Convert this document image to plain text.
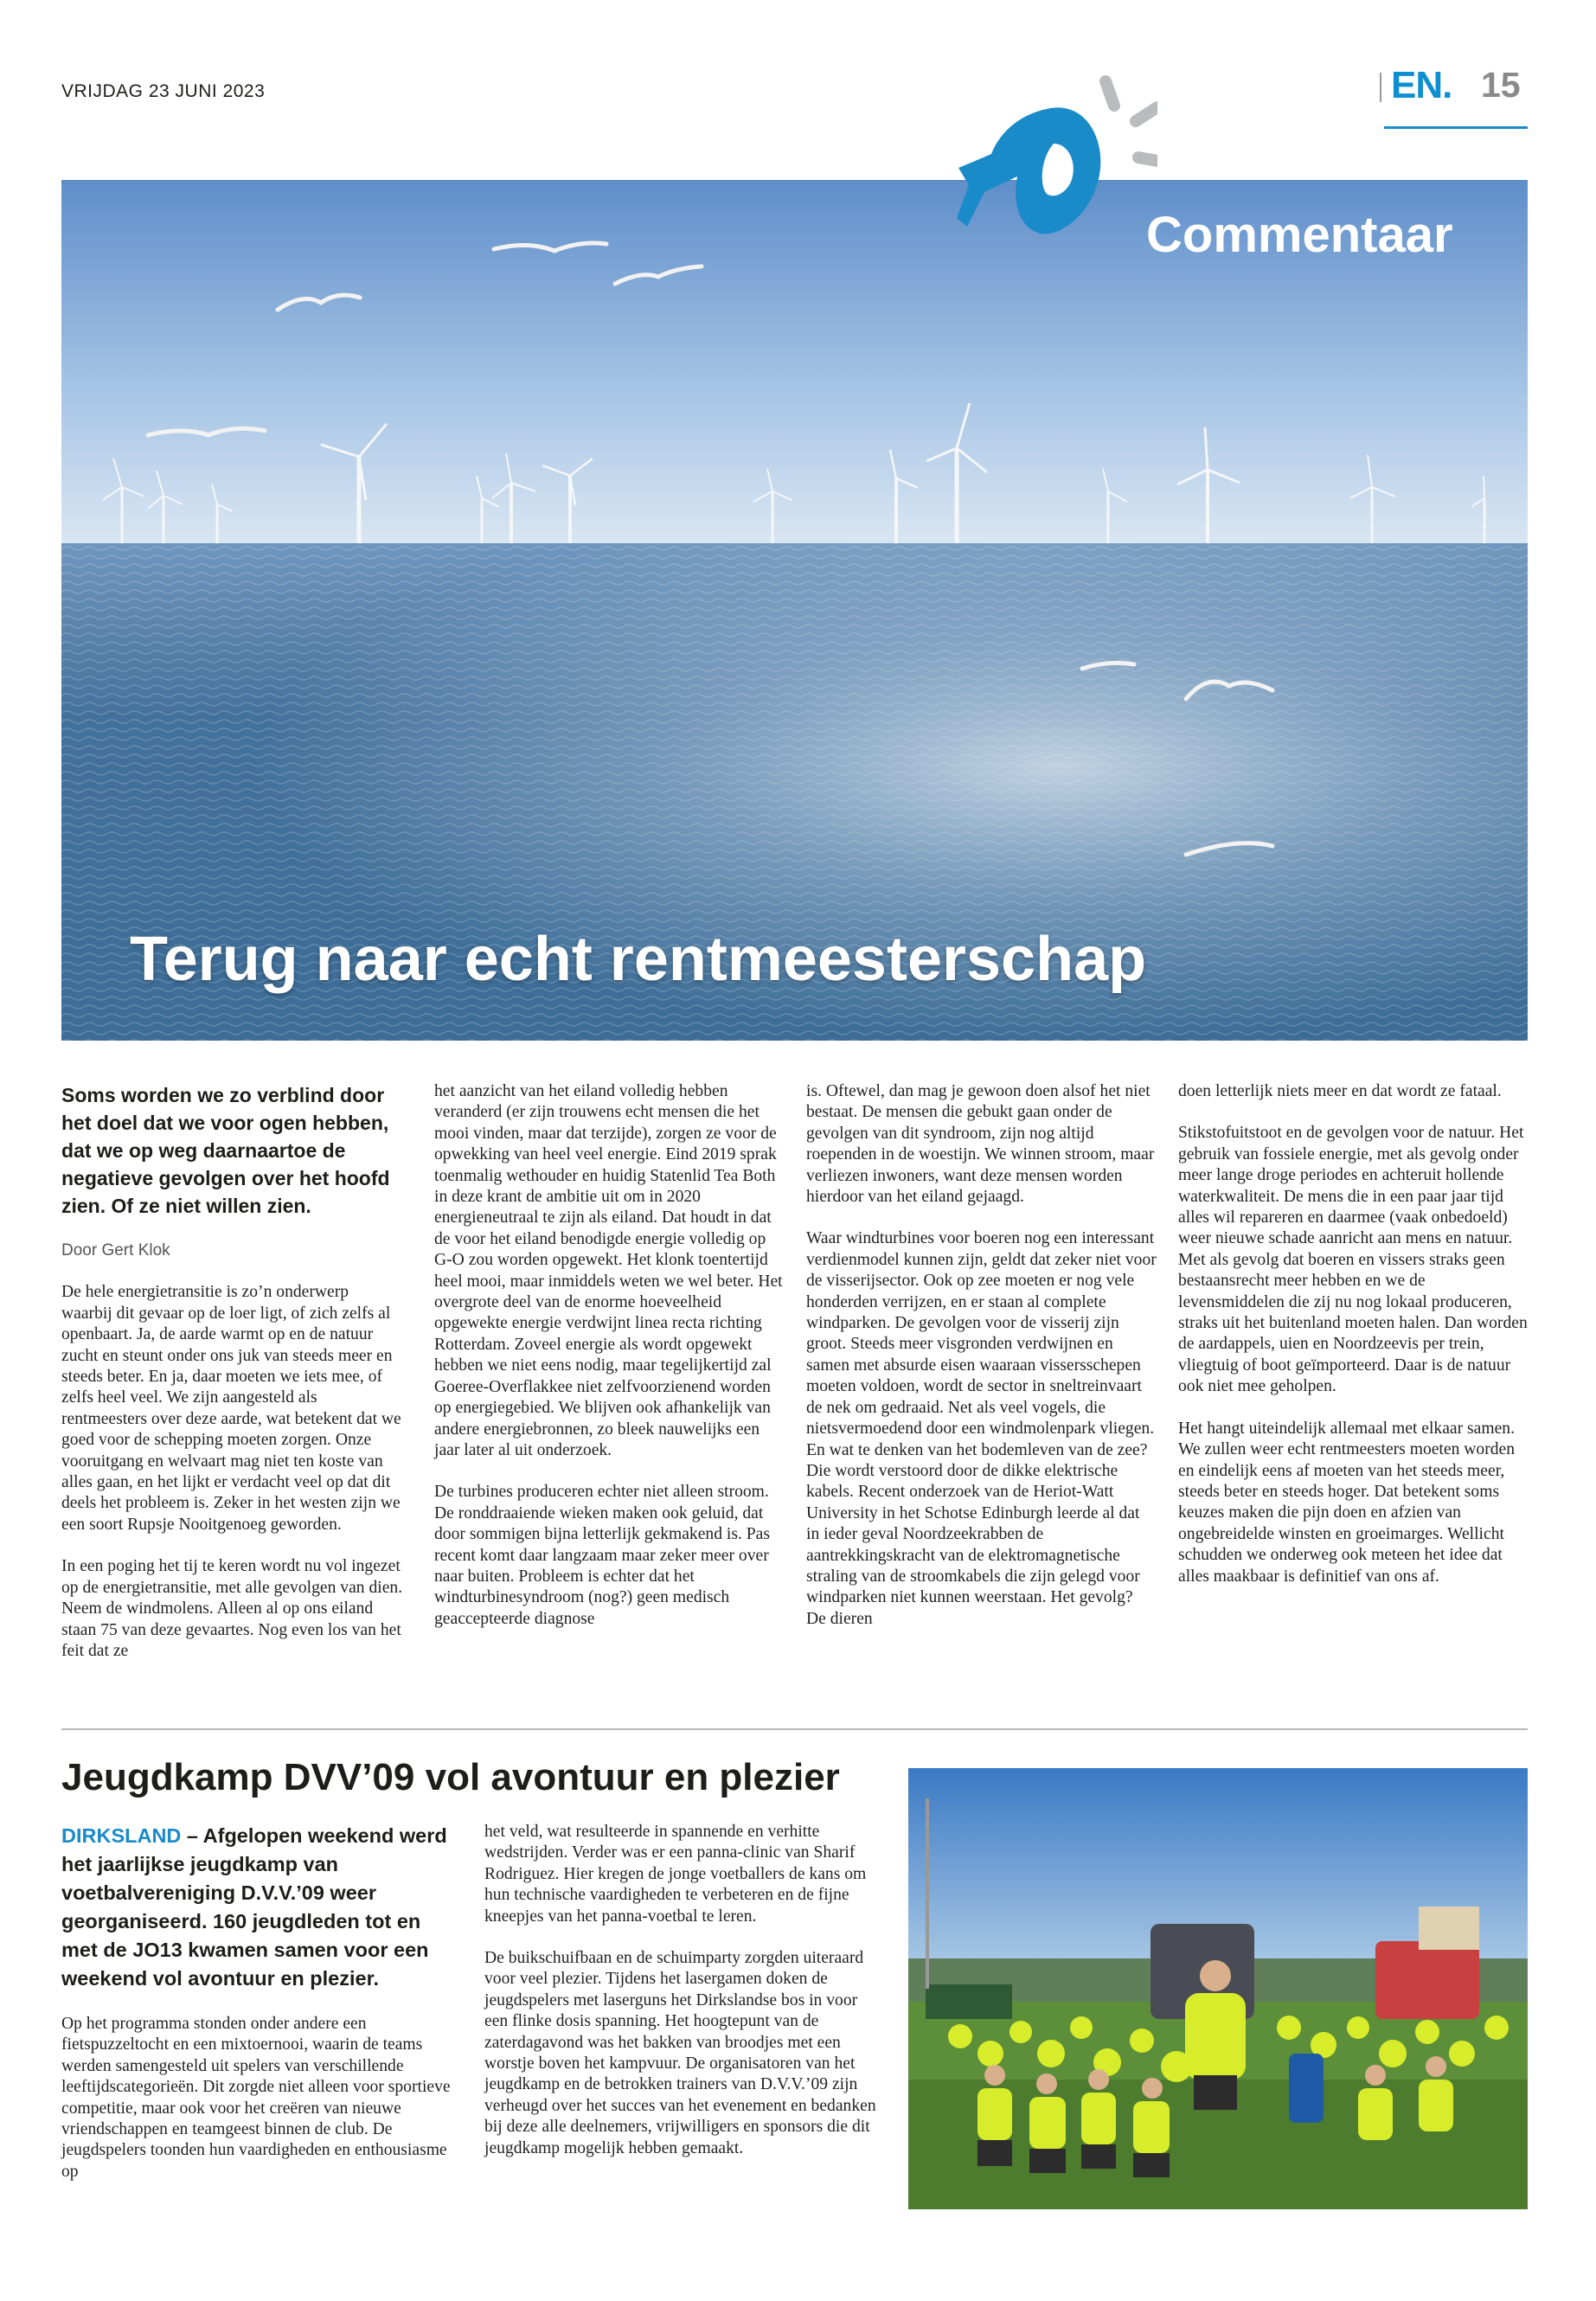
VRIJDAG 23 JUNI 2023	EN. 15
Commentaar
Terug naar echt rentmeesterschap

Soms worden we zo verblind door het doel dat we voor ogen hebben, dat we op weg daarnaartoe de negatieve gevolgen over het hoofd zien. Of ze niet willen zien.

Door Gert Klok

De hele energietransitie is zo’n onderwerp waarbij dit gevaar op de loer ligt, of zich zelfs al openbaart. Ja, de aarde warmt op en de natuur zucht en steunt onder ons juk van steeds meer en steeds beter. En ja, daar moeten we iets mee, of zelfs heel veel. We zijn aangesteld als rentmeesters over deze aarde, wat betekent dat we goed voor de schepping moeten zorgen. Onze vooruitgang en welvaart mag niet ten koste van alles gaan, en het lijkt er verdacht veel op dat dit deels het probleem is. Zeker in het westen zijn we een soort Rupsje Nooitgenoeg geworden.

In een poging het tij te keren wordt nu vol ingezet op de energietransitie, met alle gevolgen van dien. Neem de windmolens. Alleen al op ons eiland staan 75 van deze gevaartes. Nog even los van het feit dat ze

het aanzicht van het eiland volledig hebben veranderd (er zijn trouwens echt mensen die het mooi vinden, maar dat terzijde), zorgen ze voor de opwekking van heel veel energie. Eind 2019 sprak toenmalig wethouder en huidig Statenlid Tea Both in deze krant de ambitie uit om in 2020 energieneutraal te zijn als eiland. Dat houdt in dat de voor het eiland benodigde energie volledig op G-O zou worden opgewekt. Het klonk toentertijd heel mooi, maar inmiddels weten we wel beter. Het overgrote deel van de enorme hoeveelheid opgewekte energie verdwijnt linea recta richting Rotterdam. Zoveel energie als wordt opgewekt hebben we niet eens nodig, maar tegelijkertijd zal Goeree-Overflakkee niet zelfvoorzienend worden op energiegebied. We blijven ook afhankelijk van andere energiebronnen, zo bleek nauwelijks een jaar later al uit onderzoek.

De turbines produceren echter niet alleen stroom. De ronddraaiende wieken maken ook geluid, dat door sommigen bijna letterlijk gekmakend is. Pas recent komt daar langzaam maar zeker meer over naar buiten. Probleem is echter dat het windturbinesyndroom (nog?) geen medisch geaccepteerde diagnose

is. Oftewel, dan mag je gewoon doen alsof het niet bestaat. De mensen die gebukt gaan onder de gevolgen van dit syndroom, zijn nog altijd roependen in de woestijn. We winnen stroom, maar verliezen inwoners, want deze mensen worden hierdoor van het eiland gejaagd.

Waar windturbines voor boeren nog een interessant verdienmodel kunnen zijn, geldt dat zeker niet voor de visserijsector. Ook op zee moeten er nog vele honderden verrijzen, en er staan al complete windparken. De gevolgen voor de visserij zijn groot. Steeds meer visgronden verdwijnen en samen met absurde eisen waaraan vissersschepen moeten voldoen, wordt de sector in sneltreinvaart de nek om gedraaid. Net als veel vogels, die nietsvermoedend door een windmolenpark vliegen. En wat te denken van het bodemleven van de zee? Die wordt verstoord door de dikke elektrische kabels. Recent onderzoek van de Heriot-Watt University in het Schotse Edinburgh leerde al dat in ieder geval Noordzeekrabben de aantrekkingskracht van de elektromagnetische straling van de stroomkabels die zijn gelegd voor windparken niet kunnen weerstaan. Het gevolg? De dieren

doen letterlijk niets meer en dat wordt ze fataal.

Stikstofuitstoot en de gevolgen voor de natuur. Het gebruik van fossiele energie, met als gevolg onder meer lange droge periodes en achteruit hollende waterkwaliteit. De mens die in een paar jaar tijd alles wil repareren en daarmee (vaak onbedoeld) weer nieuwe schade aanricht aan mens en natuur. Met als gevolg dat boeren en vissers straks geen bestaansrecht meer hebben en we de levensmiddelen die zij nu nog lokaal produceren, straks uit het buitenland moeten halen. Dan worden de aardappels, uien en Noordzeevis per trein, vliegtuig of boot geïmporteerd. Daar is de natuur ook niet mee geholpen.

Het hangt uiteindelijk allemaal met elkaar samen. We zullen weer echt rentmeesters moeten worden en eindelijk eens af moeten van het steeds meer, steeds beter en steeds hoger. Dat betekent soms keuzes maken die pijn doen en afzien van ongebreidelde winsten en groeimarges. Wellicht schudden we onderweg ook meteen het idee dat alles maakbaar is definitief van ons af.

Jeugdkamp DVV’09 vol avontuur en plezier

DIRKSLAND – Afgelopen weekend werd het jaarlijkse jeugdkamp van voetbalvereniging D.V.V.’09 weer georganiseerd. 160 jeugdleden tot en met de JO13 kwamen samen voor een weekend vol avontuur en plezier.

Op het programma stonden onder andere een fietspuzzeltocht en een mixtoernooi, waarin de teams werden samengesteld uit spelers van verschillende leeftijdscategorieën. Dit zorgde niet alleen voor sportieve competitie, maar ook voor het creëren van nieuwe vriendschappen en teamgeest binnen de club. De jeugdspelers toonden hun vaardigheden en enthousiasme op

het veld, wat resulteerde in spannende en verhitte wedstrijden. Verder was er een panna-clinic van Sharif Rodriguez. Hier kregen de jonge voetballers de kans om hun technische vaardigheden te verbeteren en de fijne kneepjes van het panna-voetbal te leren.

De buikschuifbaan en de schuimparty zorgden uiteraard voor veel plezier. Tijdens het lasergamen doken de jeugdspelers met laserguns het Dirkslandse bos in voor een flinke dosis spanning. Het hoogtepunt van de zaterdagavond was het bakken van broodjes met een worstje boven het kampvuur. De organisatoren van het jeugdkamp en de betrokken trainers van D.V.V.’09 zijn verheugd over het succes van het evenement en bedanken bij deze alle deelnemers, vrijwilligers en sponsors die dit jeugdkamp mogelijk hebben gemaakt.
